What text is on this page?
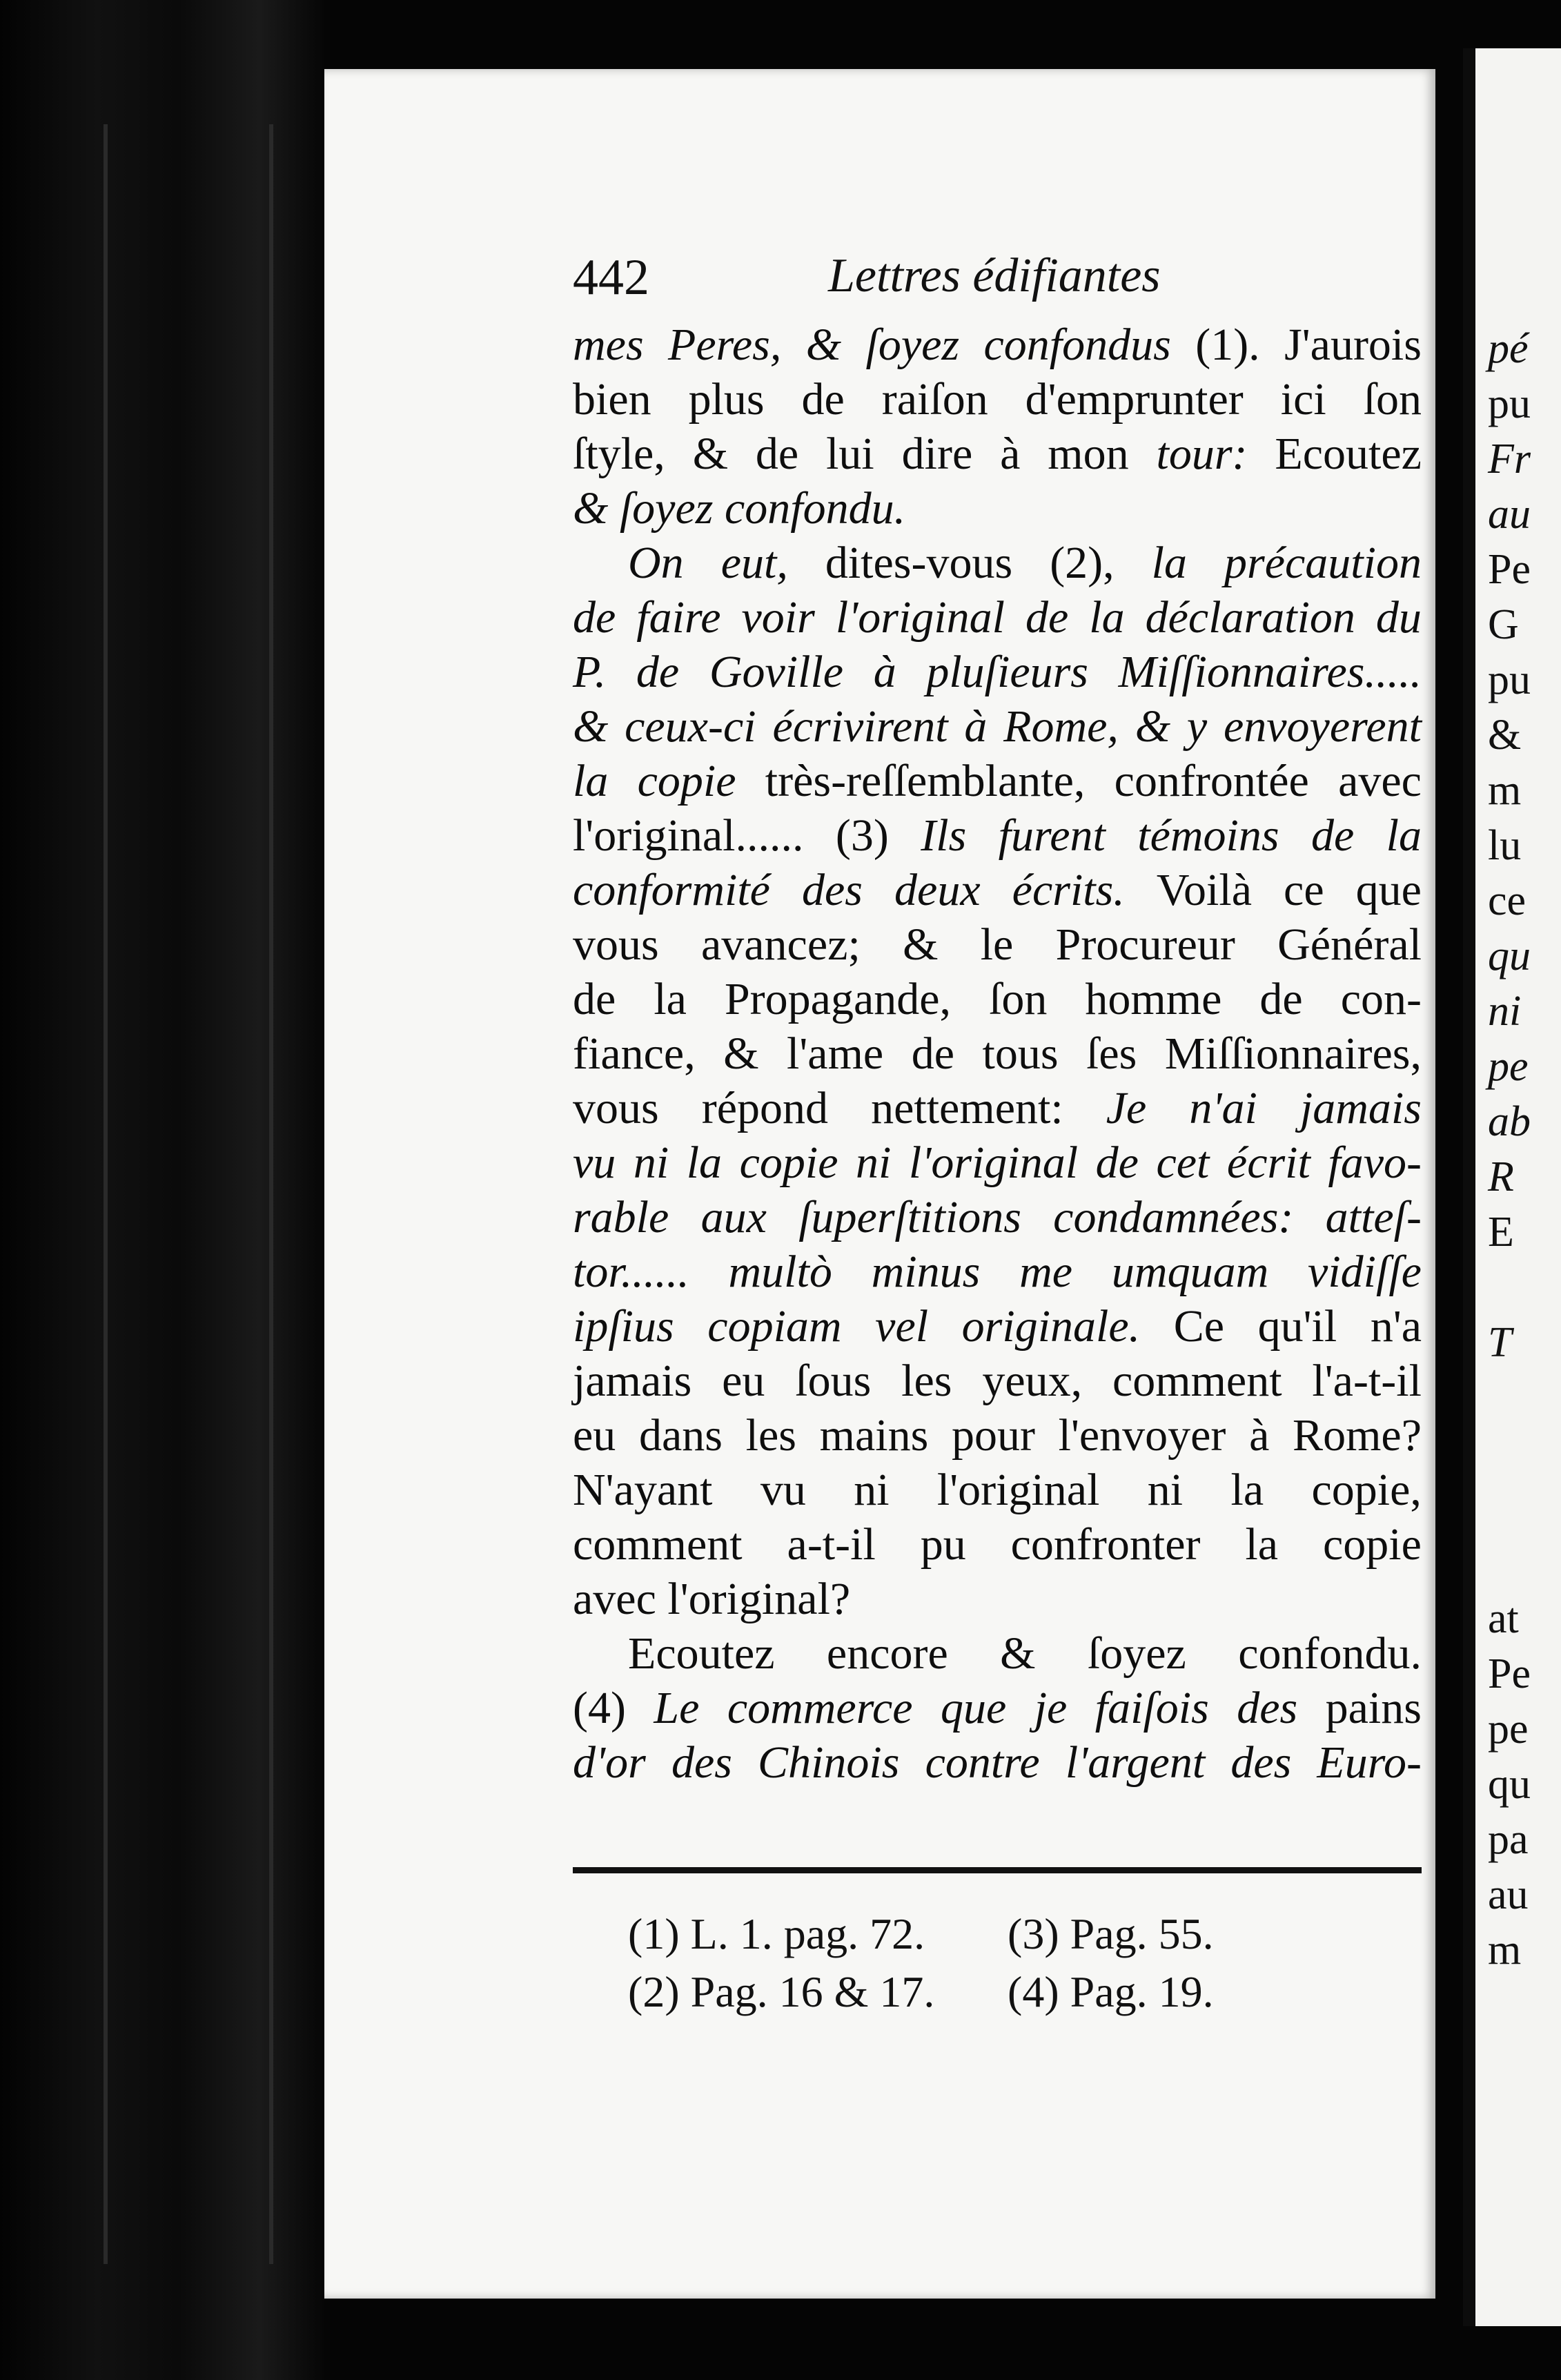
pé
pu
Fr
au
Pe
G
pu
&
m
lu
ce
qu
ni
pe
ab
R
E
T
at
Pe
pe
qu
pa
au
m
442	Lettres édifiantes
mes Peres, & ſoyez confondus (1). J'aurois
bien plus de raiſon d'emprunter ici ſon
ſtyle, & de lui dire à mon tour: Ecoutez
& ſoyez confondu.
On eut, dites-vous (2), la précaution
de faire voir l'original de la déclaration du
P. de Goville à pluſieurs Miſſionnaires.....
& ceux-ci écrivirent à Rome, & y envoyerent
la copie très-reſſemblante, confrontée avec
l'original...... (3) Ils furent témoins de la
conformité des deux écrits. Voilà ce que
vous avancez; & le Procureur Général
de la Propagande, ſon homme de con-
fiance, & l'ame de tous ſes Miſſionnaires,
vous répond nettement: Je n'ai jamais
vu ni la copie ni l'original de cet écrit favo-
rable aux ſuperſtitions condamnées: atteſ-
tor...... multò minus me umquam vidiſſe
ipſius copiam vel originale. Ce qu'il n'a
jamais eu ſous les yeux, comment l'a-t-il
eu dans les mains pour l'envoyer à Rome?
N'ayant vu ni l'original ni la copie,
comment a-t-il pu confronter la copie
avec l'original?
Ecoutez encore & ſoyez confondu.
(4) Le commerce que je faiſois des pains
d'or des Chinois contre l'argent des Euro-
(1) L. 1. pag. 72.	(3) Pag. 55.
(2) Pag. 16 & 17.	(4) Pag. 19.
